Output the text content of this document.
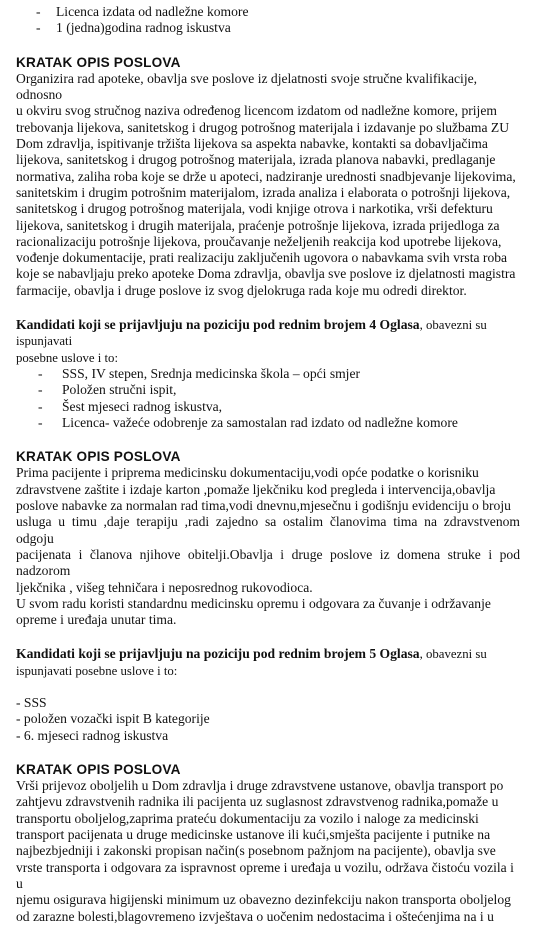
-	Licenca izdata od nadležne komore
-	1 (jedna)godina radnog iskustva
KRATAK OPIS POSLOVA
Organizira rad apoteke, obavlja sve poslove iz djelatnosti svoje stručne kvalifikacije, odnosno
u okviru svog stručnog naziva određenog licencom izdatom od nadležne komore, prijem
trebovanja lijekova, sanitetskog i drugog potrošnog materijala i izdavanje po službama ZU
Dom zdravlja, ispitivanje tržišta lijekova sa aspekta nabavke, kontakti sa dobavljačima
lijekova, sanitetskog i drugog potrošnog materijala, izrada planova nabavki, predlaganje
normativa, zaliha roba koje se drže u apoteci, nadziranje urednosti snadbjevanje lijekovima,
sanitetskim i drugim potrošnim materijalom, izrada analiza i elaborata o potrošnji lijekova,
sanitetskog i drugog potrošnog materijala, vodi knjige otrova i narkotika, vrši defekturu
lijekova, sanitetskog i drugih materijala, praćenje potrošnje lijekova, izrada prijedloga za
racionalizaciju potrošnje lijekova, proučavanje neželjenih reakcija kod upotrebe lijekova,
vođenje dokumentacije, prati realizaciju zaključenih ugovora o nabavkama svih vrsta roba
koje se nabavljaju preko apoteke Doma zdravlja, obavlja sve poslove iz djelatnosti magistra
farmacije, obavlja i druge poslove iz svog djelokruga rada koje mu odredi direktor.
Kandidati koji se prijavljuju na poziciju pod rednim brojem 4 Oglasa, obavezni su ispunjavati
posebne uslove i to:
-	SSS, IV stepen, Srednja medicinska škola – opći smjer
-	Položen stručni ispit,
-	Šest mjeseci radnog iskustva,
-	Licenca- važeće odobrenje za samostalan rad izdato od nadležne komore
KRATAK OPIS POSLOVA
Prima pacijente i priprema medicinsku dokumentaciju,vodi opće podatke o korisniku
zdravstvene zaštite i izdaje karton ,pomaže ljekčniku kod pregleda i intervencija,obavlja
poslove nabavke za normalan rad tima,vodi dnevnu,mjesečnu i godišnju evidenciju o broju
usluga u timu ,daje terapiju ,radi zajedno sa ostalim članovima tima na zdravstvenom odgoju
pacijenata i članova njihove obitelji.Obavlja i druge poslove iz domena struke i pod nadzorom
ljekčnika , višeg tehničara i neposrednog rukovodioca.
U svom radu koristi standardnu medicinsku opremu i odgovara za čuvanje i održavanje
opreme i uređaja unutar tima.
Kandidati koji se prijavljuju na poziciju pod rednim brojem 5 Oglasa, obavezni su
ispunjavati posebne uslove i to:
- SSS
- položen vozački ispit B kategorije
- 6. mjeseci radnog iskustva
KRATAK OPIS POSLOVA
Vrši prijevoz oboljelih u Dom zdravlja i druge zdravstvene ustanove, obavlja transport po
zahtjevu zdravstvenih radnika ili pacijenta uz suglasnost zdravstvenog radnika,pomaže u
transportu oboljelog,zaprima prateću dokumentaciju za vozilo i naloge za medicinski
transport pacijenata u druge medicinske ustanove ili kući,smješta pacijente i putnike na
najbezbjedniji i zakonski propisan način(s posebnom pažnjom na pacijente), obavlja sve
vrste transporta i odgovara za ispravnost opreme i uređaja u vozilu, održava čistoću vozila i u
njemu osiguravа higijenski minimum uz obavezno dezinfekciju nakon transporta oboljelog
od zarazne bolesti,blagovremeno izvještava o uočenim nedostacima i oštećenjima na i u
